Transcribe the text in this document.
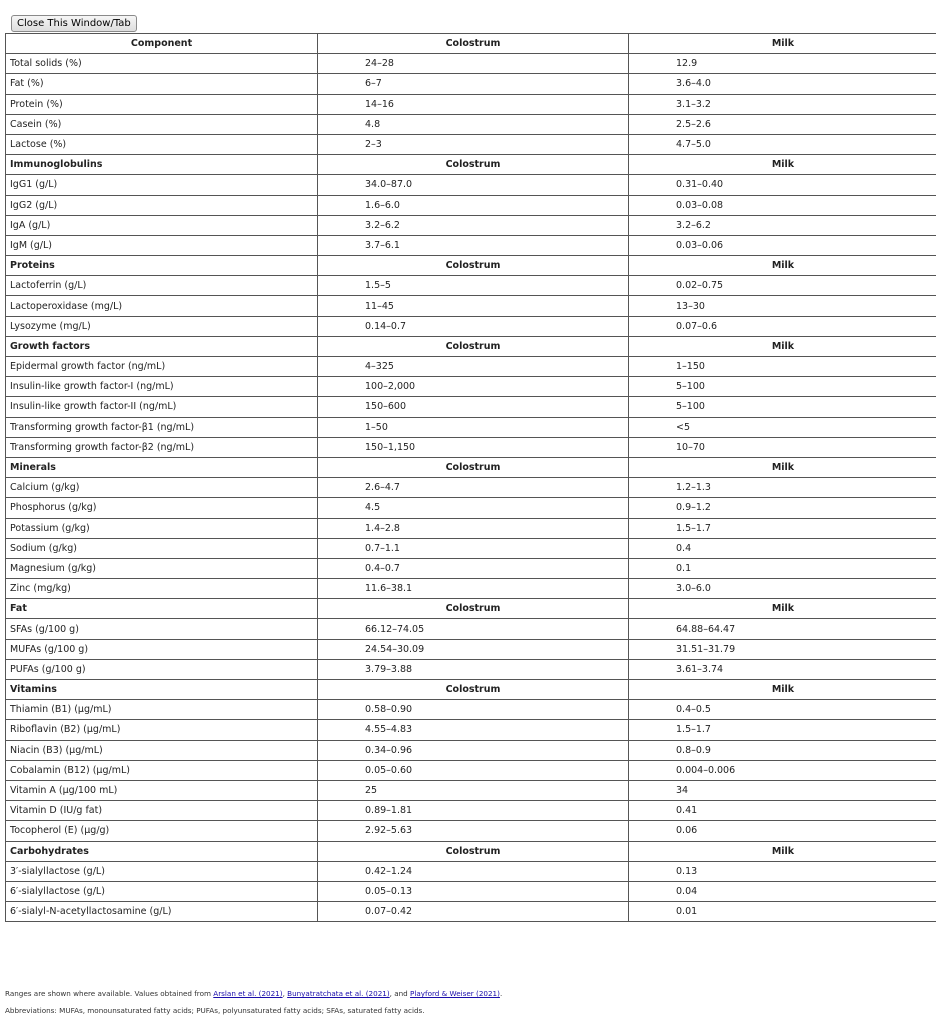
Close This Window/Tab
Component	Colostrum	Milk
Total solids (%)	24–28	12.9
Fat (%)	6–7	3.6–4.0
Protein (%)	14–16	3.1–3.2
Casein (%)	4.8	2.5–2.6
Lactose (%)	2–3	4.7–5.0
Immunoglobulins	Colostrum	Milk
IgG1 (g/L)	34.0–87.0	0.31–0.40
IgG2 (g/L)	1.6–6.0	0.03–0.08
IgA (g/L)	3.2–6.2	3.2–6.2
IgM (g/L)	3.7–6.1	0.03–0.06
Proteins	Colostrum	Milk
Lactoferrin (g/L)	1.5–5	0.02–0.75
Lactoperoxidase (mg/L)	11–45	13–30
Lysozyme (mg/L)	0.14–0.7	0.07–0.6
Growth factors	Colostrum	Milk
Epidermal growth factor (ng/mL)	4–325	1–150
Insulin-like growth factor-I (ng/mL)	100–2,000	5–100
Insulin-like growth factor-II (ng/mL)	150–600	5–100
Transforming growth factor-β1 (ng/mL)	1–50	<5
Transforming growth factor-β2 (ng/mL)	150–1,150	10–70
Minerals	Colostrum	Milk
Calcium (g/kg)	2.6–4.7	1.2–1.3
Phosphorus (g/kg)	4.5	0.9–1.2
Potassium (g/kg)	1.4–2.8	1.5–1.7
Sodium (g/kg)	0.7–1.1	0.4
Magnesium (g/kg)	0.4–0.7	0.1
Zinc (mg/kg)	11.6–38.1	3.0–6.0
Fat	Colostrum	Milk
SFAs (g/100 g)	66.12–74.05	64.88–64.47
MUFAs (g/100 g)	24.54–30.09	31.51–31.79
PUFAs (g/100 g)	3.79–3.88	3.61–3.74
Vitamins	Colostrum	Milk
Thiamin (B1) (μg/mL)	0.58–0.90	0.4–0.5
Riboflavin (B2) (μg/mL)	4.55–4.83	1.5–1.7
Niacin (B3) (μg/mL)	0.34–0.96	0.8–0.9
Cobalamin (B12) (μg/mL)	0.05–0.60	0.004–0.006
Vitamin A (μg/100 mL)	25	34
Vitamin D (IU/g fat)	0.89–1.81	0.41
Tocopherol (E) (μg/g)	2.92–5.63	0.06
Carbohydrates	Colostrum	Milk
3′-sialyllactose (g/L)	0.42–1.24	0.13
6′-sialyllactose (g/L)	0.05–0.13	0.04
6′-sialyl-N-acetyllactosamine (g/L)	0.07–0.42	0.01

Ranges are shown where available. Values obtained from Arslan et al. (2021), Bunyatratchata et al. (2021), and Playford & Weiser (2021).

Abbreviations: MUFAs, monounsaturated fatty acids; PUFAs, polyunsaturated fatty acids; SFAs, saturated fatty acids.
